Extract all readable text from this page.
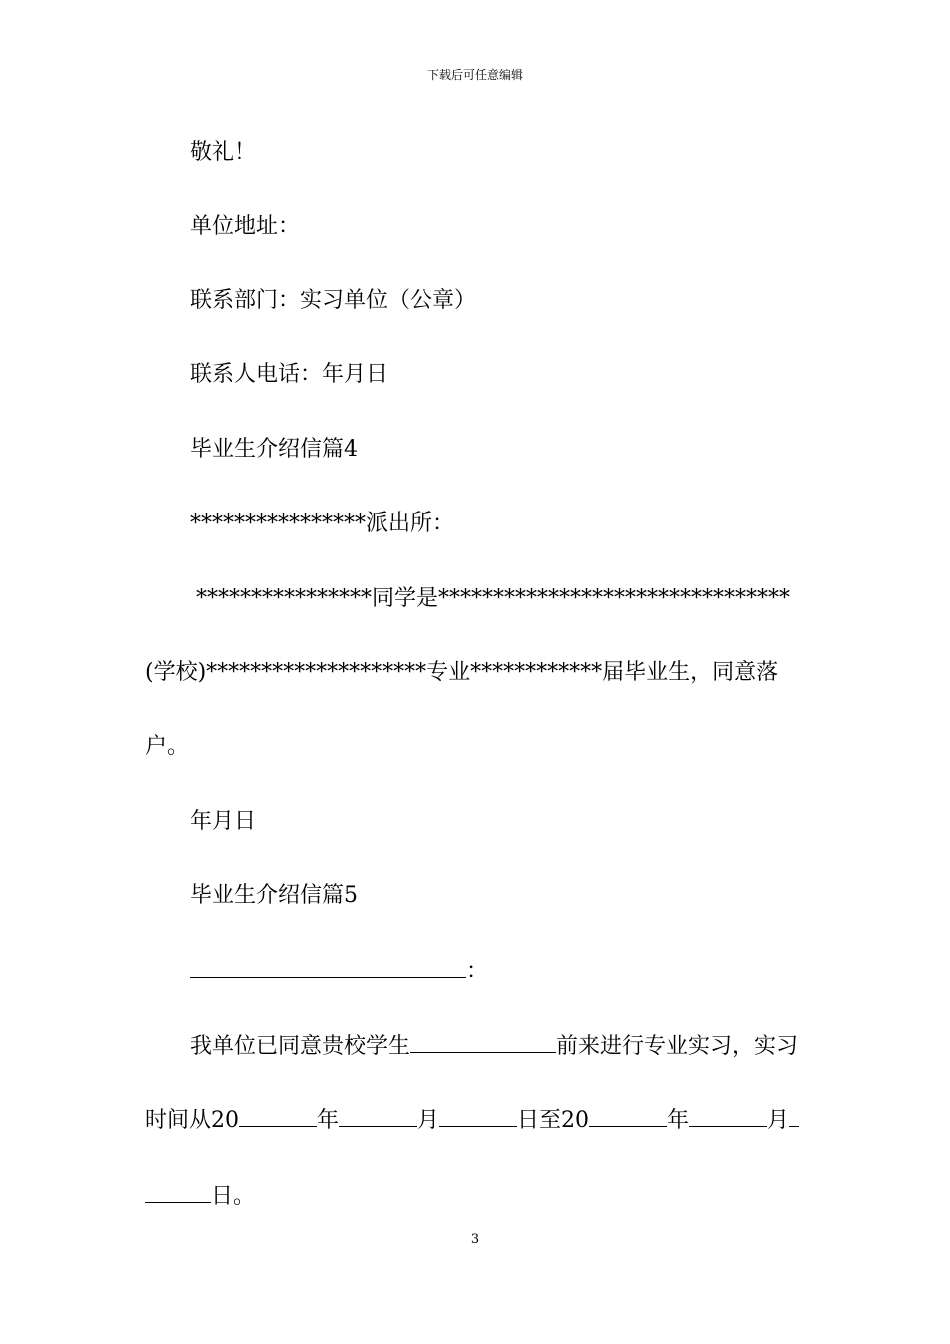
下载后可任意编辑
敬礼！
单位地址：
联系部门：实习单位（公章）
联系人电话：年月日
毕业生介绍信篇4
****************派出所：
****************同学是********************************
(学校)********************专业************届毕业生，同意落
户。
年月日
毕业生介绍信篇5
：
我单位已同意贵校学生	前来进行专业实习，实习
时间从20	年	月	日至20	年	月
日。
3
